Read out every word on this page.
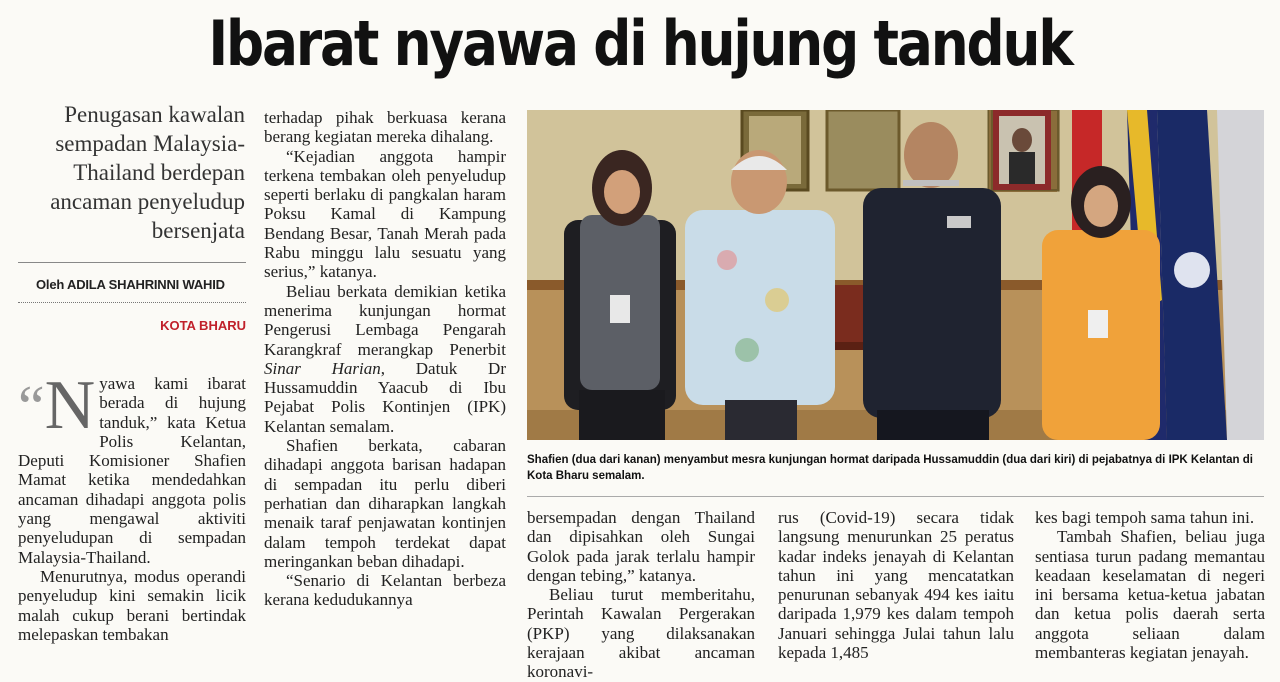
Ibarat nyawa di hujung tanduk
Penugasan kawalan sempadan Malaysia-Thailand berdepan ancaman penyeludup bersenjata
Oleh ADILA SHAHRINNI WAHID
KOTA BHARU

“ N yawa kami ibarat berada di hujung tanduk,” kata Ketua Polis Kelantan, Deputi Komisioner Shafien Mamat ketika mendedahkan ancaman dihadapi anggota polis yang mengawal aktiviti penyeludupan di sempadan Malaysia-Thailand.

Menurutnya, modus operandi penyeludup kini semakin licik malah cukup berani bertindak melepaskan tembakan

terhadap pihak berkuasa kerana berang kegiatan mereka dihalang.

“Kejadian anggota hampir terkena tembakan oleh penyeludup seperti berlaku di pangkalan haram Poksu Kamal di Kampung Bendang Besar, Tanah Merah pada Rabu minggu lalu sesuatu yang serius,” katanya.

Beliau berkata demikian ketika menerima kunjungan hormat Pengerusi Lembaga Pengarah Karangkraf merangkap Penerbit Sinar Harian, Datuk Dr Hussamuddin Yaacub di Ibu Pejabat Polis Kontinjen (IPK) Kelantan semalam.

Shafien berkata, cabaran dihadapi anggota barisan hadapan di sempadan itu perlu diberi perhatian dan diharapkan langkah menaik taraf penjawatan kontinjen dalam tempoh terdekat dapat meringankan beban dihadapi.

“Senario di Kelantan berbeza kerana kedudukannya

Shafien (dua dari kanan) menyambut mesra kunjungan hormat daripada Hussamuddin (dua dari kiri) di pejabatnya di IPK Kelantan di Kota Bharu semalam.

bersempadan dengan Thailand dan dipisahkan oleh Sungai Golok pada jarak terlalu hampir dengan tebing,” katanya.

Beliau turut memberitahu, Perintah Kawalan Pergerakan (PKP) yang dilaksanakan kerajaan akibat ancaman koronavi-

rus (Covid-19) secara tidak langsung menurunkan 25 peratus kadar indeks jenayah di Kelantan tahun ini yang mencatatkan penurunan sebanyak 494 kes iaitu daripada 1,979 kes dalam tempoh Januari sehingga Julai tahun lalu kepada 1,485

kes bagi tempoh sama tahun ini.

Tambah Shafien, beliau juga sentiasa turun padang memantau keadaan keselamatan di negeri ini bersama ketua-ketua jabatan dan ketua polis daerah serta anggota seliaan dalam membanteras kegiatan jenayah.
